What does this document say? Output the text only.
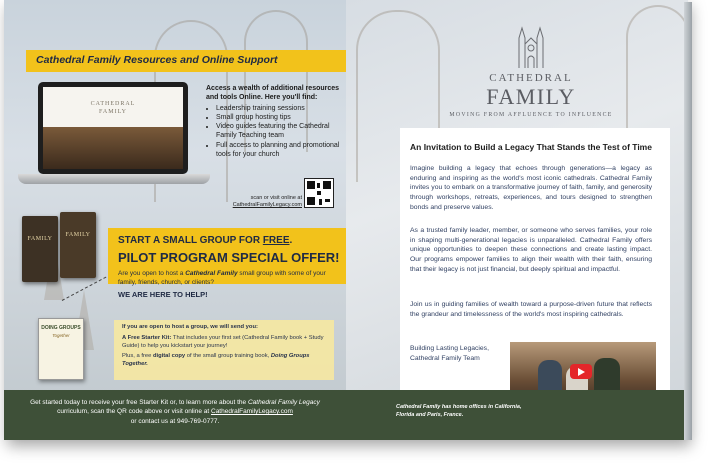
Cathedral Family Resources and Online Support
CATHEDRAL
FAMILY
Access a wealth of additional resources and tools Online. Here you'll find:
• Leadership training sessions
• Small group hosting tips
• Video guides featuring the Cathedral Family Teaching team
• Full access to planning and promotional tools for your church
scan or visit online at
CathedralFamilyLegacy.com
FAMILY
FAMILY	START A SMALL GROUP FOR FREE.
PILOT PROGRAM SPECIAL OFFER!
Are you open to host a Cathedral Family small group with some of your family, friends, church, or clients?
WE ARE HERE TO HELP!
DOING GROUPS
Together

If you are open to host a group, we will send you:

A Free Starter Kit: That includes your first set (Cathedral Family book + Study Guide) to help you kickstart your journey!

Plus, a free digital copy of the small group training book, Doing Groups Together.

CATHEDRAL
FAMILY
MOVING FROM AFFLUENCE TO INFLUENCE
An Invitation to Build a Legacy That Stands the Test of Time
Imagine building a legacy that echoes through generations—a legacy as enduring and inspiring as the world's most iconic cathedrals. Cathedral Family invites you to embark on a transformative journey of faith, family, and generosity through workshops, retreats, experiences, and tours designed to strengthen bonds and preserve values.
As a trusted family leader, member, or someone who serves families, your role in shaping multi-generational legacies is unparalleled. Cathedral Family offers unique opportunities to deepen these connections and create lasting impact. Our programs empower families to align their wealth with their faith, ensuring that their legacy is not just financial, but deeply spiritual and impactful.
Join us in guiding families of wealth toward a purpose-driven future that reflects the grandeur and timelessness of the world's most inspiring cathedrals.
Building Lasting Legacies,
Cathedral Family Team
Get started today to receive your free Starter Kit or, to learn more about the Cathedral Family Legacy
curriculum, scan the QR code above or visit online at CathedralFamilyLegacy.com
or contact us at 949-769-0777.
Cathedral Family has home offices in California, Florida and Paris, France.
